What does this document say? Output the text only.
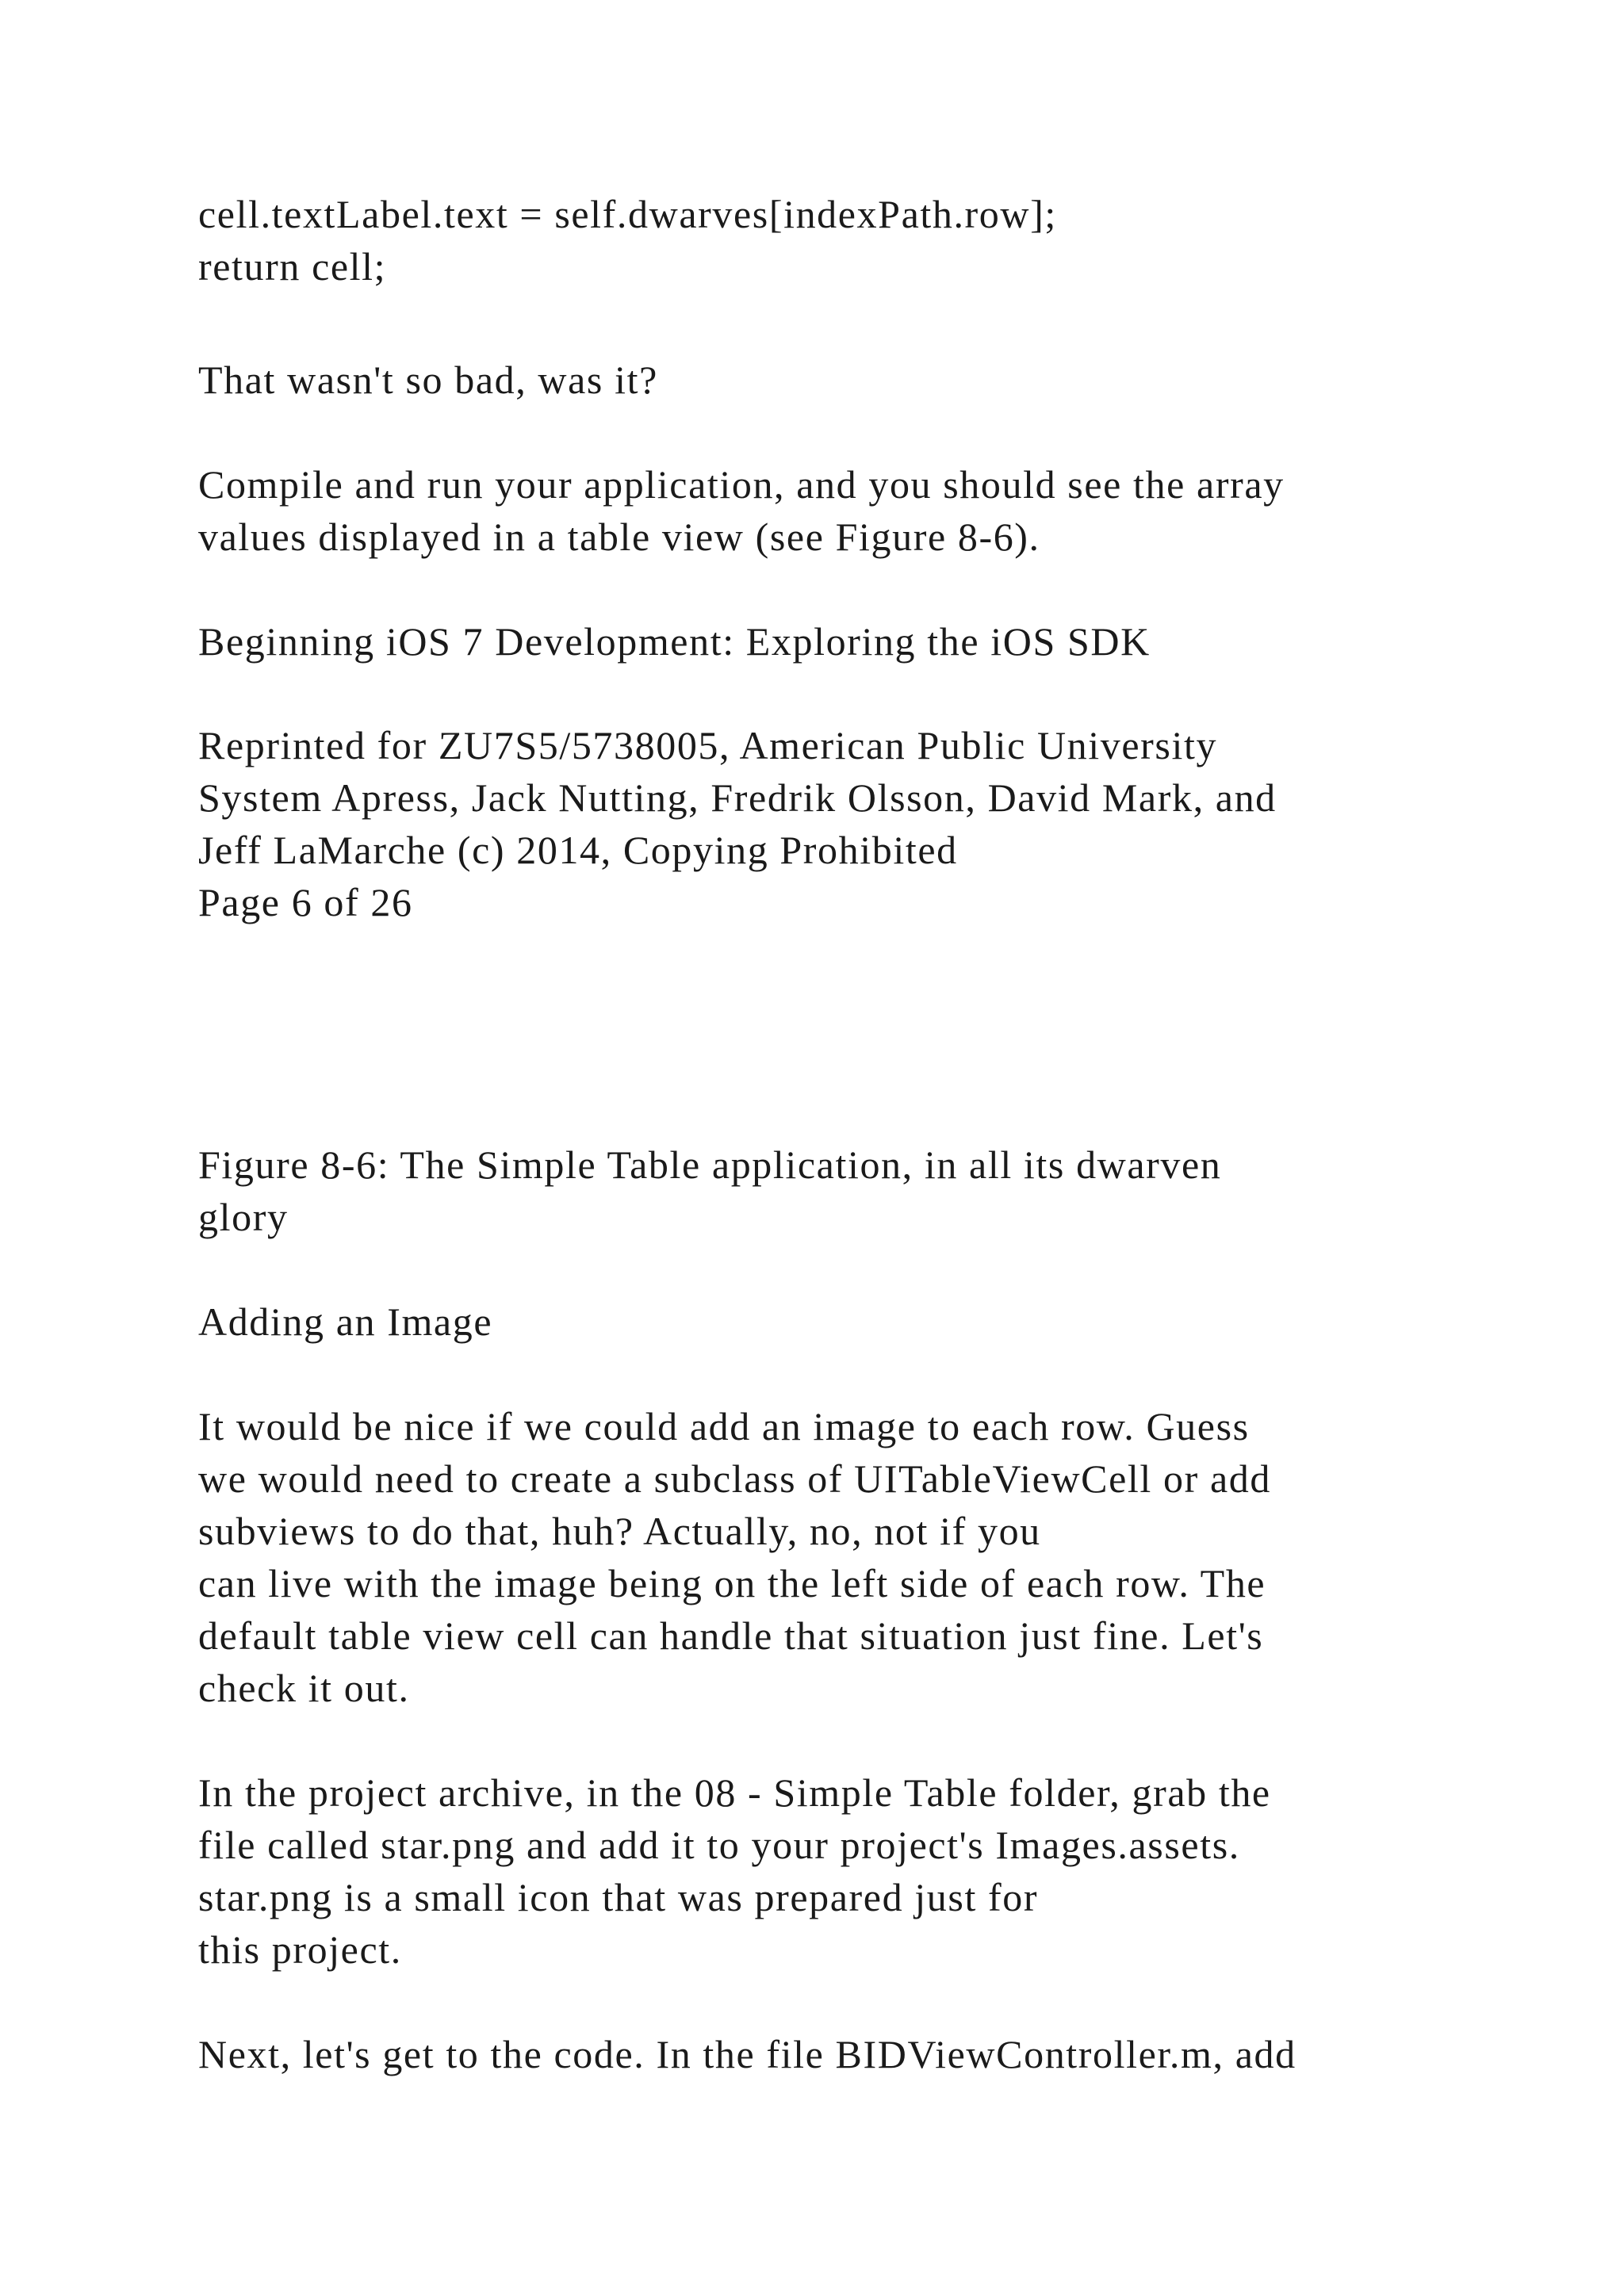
cell.textLabel.text = self.dwarves[indexPath.row];

return cell;

That wasn't so bad, was it?

Compile and run your application, and you should see the array

values displayed in a table view (see Figure 8-6).

Beginning iOS 7 Development: Exploring the iOS SDK

Reprinted for ZU7S5/5738005, American Public University

System Apress, Jack Nutting, Fredrik Olsson, David Mark, and

Jeff LaMarche (c) 2014, Copying Prohibited

Page 6 of 26

Figure 8-6: The Simple Table application, in all its dwarven

glory

Adding an Image

It would be nice if we could add an image to each row. Guess

we would need to create a subclass of UITableViewCell or add

subviews to do that, huh? Actually, no, not if you

can live with the image being on the left side of each row. The

default table view cell can handle that situation just fine. Let's

check it out.

In the project archive, in the 08 - Simple Table folder, grab the

file called star.png and add it to your project's Images.assets.

star.png is a small icon that was prepared just for

this project.

Next, let's get to the code. In the file BIDViewController.m, add
